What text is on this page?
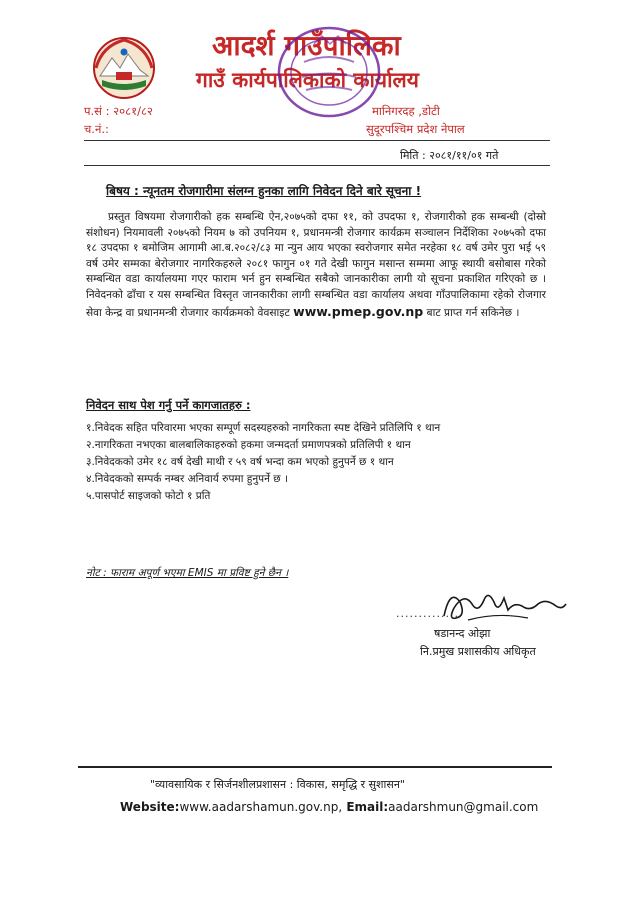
आदर्श गाउँपालिका
गाउँ कार्यपालिकाको कार्यालय
प.सं : २०८१/८२
च.नं.:
मानिगरदह ,डोटी
सुदूरपश्चिम प्रदेश नेपाल
मिति : २०८१/११/०१ गते
बिषय : न्यूनतम रोजगारीमा संलग्न हुनका लागि निवेदन दिने बारे सूचना !
प्रस्तुत विषयमा रोजगारीको हक सम्बन्धि ऐन,२०७५को दफा ११, को उपदफा १, रोजगारीको हक सम्बन्धी (दोस्रो संशोधन) नियमावली २०७५को नियम ७ को उपनियम १, प्रधानमन्त्री रोजगार कार्यक्रम सञ्चालन निर्देशिका २०७५को दफा १८ उपदफा १ बमोजिम आगामी आ.ब.२०८२/८३ मा न्युन आय भएका स्वरोजगार समेत नरहेका १८ वर्ष उमेर पुरा भई ५९ वर्ष उमेर सम्मका बेरोजगार नागरिकहरुले २०८१ फागुन ०१ गते देखी फागुन मसान्त सम्ममा आफू स्थायी बसोबास गरेको सम्बन्धित वडा कार्यालयमा गएर फाराम भर्न हुन सम्बन्धित सबैको जानकारीका लागी यो सूचना प्रकाशित गरिएको छ । निवेदनको ढाँचा र यस सम्बन्धित विस्तृत जानकारीका लागी सम्बन्धित वडा कार्यालय अथवा गाँउपालिकामा रहेको रोजगार सेवा केन्द्र वा प्रधानमन्त्री रोजगार कार्यक्रमको वेवसाइट www.pmep.gov.np बाट प्राप्त गर्न सकिनेछ ।
निवेदन साथ पेश गर्नु पर्ने कागजातहरु :
१.निवेदक सहित परिवारमा भएका सम्पूर्ण सदस्यहरुको नागरिकता स्पष्ट देखिने प्रतिलिपि १ थान
२.नागरिकता नभएका बालबालिकाहरुको हकमा जन्मदर्ता प्रमाणपत्रको प्रतिलिपी १ थान
३.निवेदकको उमेर १८ वर्ष देखी माथी र ५९ वर्ष भन्दा कम भएको हुनुपर्ने छ १ थान
४.निवेदकको सम्पर्क नम्बर अनिवार्य रुपमा हुनुपर्ने छ ।
५.पासपोर्ट साइजको फोटो १ प्रति
नोट : फाराम अपूर्ण भएमा EMIS मा प्रविष्ट हुने छैन ।
..............
षडानन्द ओझा
नि.प्रमुख प्रशासकीय अधिकृत
"व्यावसायिक र सिर्जनशीलप्रशासन : विकास, समृद्धि र सुशासन"
Website:www.aadarshamun.gov.np, Email:aadarshmun@gmail.com
